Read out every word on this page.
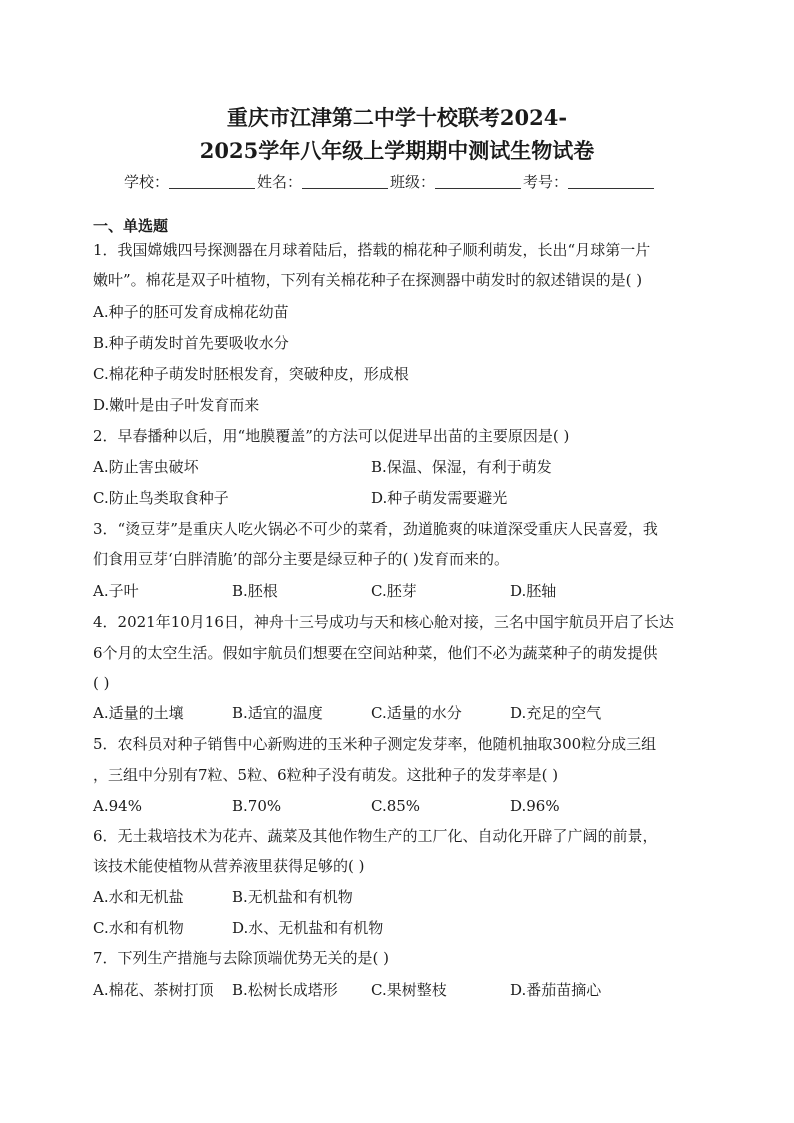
重庆市江津第二中学十校联考2024-
2025学年八年级上学期期中测试生物试卷
学校：	姓名：	班级：	考号：
一、单选题
1．我国嫦娥四号探测器在月球着陆后，搭载的棉花种子顺利萌发，长出“月球第一片
嫩叶”。棉花是双子叶植物，下列有关棉花种子在探测器中萌发时的叙述错误的是( )
A.种子的胚可发育成棉花幼苗
B.种子萌发时首先要吸收水分
C.棉花种子萌发时胚根发育，突破种皮，形成根
D.嫩叶是由子叶发育而来
2．早春播种以后，用“地膜覆盖”的方法可以促进早出苗的主要原因是( )
A.防止害虫破坏	B.保温、保湿，有利于萌发
C.防止鸟类取食种子	D.种子萌发需要避光
3．“烫豆芽”是重庆人吃火锅必不可少的菜肴，劲道脆爽的味道深受重庆人民喜爱，我
们食用豆芽‘白胖清脆’的部分主要是绿豆种子的( )发育而来的。
A.子叶	B.胚根	C.胚芽	D.胚轴
4．2021年10月16日，神舟十三号成功与天和核心舱对接，三名中国宇航员开启了长达
6个月的太空生活。假如宇航员们想要在空间站种菜，他们不必为蔬菜种子的萌发提供
( )
A.适量的土壤	B.适宜的温度	C.适量的水分	D.充足的空气
5．农科员对种子销售中心新购进的玉米种子测定发芽率，他随机抽取300粒分成三组
，三组中分别有7粒、5粒、6粒种子没有萌发。这批种子的发芽率是( )
A.94%	B.70%	C.85%	D.96%
6．无土栽培技术为花卉、蔬菜及其他作物生产的工厂化、自动化开辟了广阔的前景，
该技术能使植物从营养液里获得足够的( )
A.水和无机盐	B.无机盐和有机物
C.水和有机物	D.水、无机盐和有机物
7．下列生产措施与去除顶端优势无关的是( )
A.棉花、茶树打顶 B.松树长成塔形 C.果树整枝	D.番茄苗摘心
